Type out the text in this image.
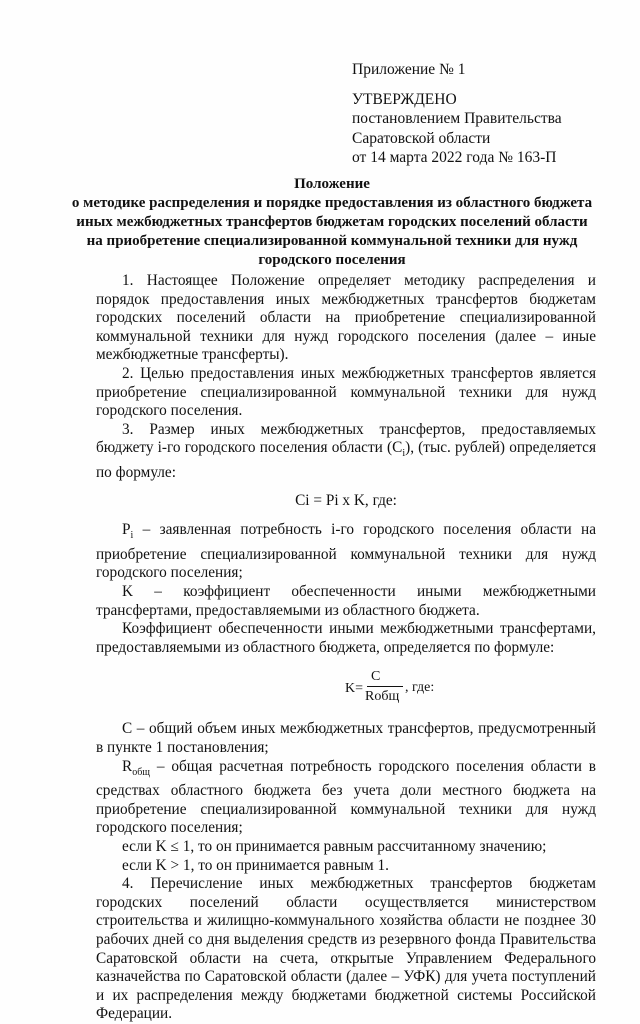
Приложение № 1
УТВЕРЖДЕНО
постановлением Правительства
Саратовской области
от 14 марта 2022 года № 163-П
Положение
о методике распределения и порядке предоставления из областного бюджета иных межбюджетных трансфертов бюджетам городских поселений области на приобретение специализированной коммунальной техники для нужд городского поселения

1. Настоящее Положение определяет методику распределения и порядок предоставления иных межбюджетных трансфертов бюджетам городских поселений области на приобретение специализированной коммунальной техники для нужд городского поселения (далее – иные межбюджетные трансферты).

2. Целью предоставления иных межбюджетных трансфертов является приобретение специализированной коммунальной техники для нужд городского поселения.

3. Размер иных межбюджетных трансфертов, предоставляемых бюджету i-го городского поселения области $(C_i)$, (тыс. рублей) определяется по формуле:

Ci = Pi x K, где:

$P_i$ – заявленная потребность i-го городского поселения области на приобретение специализированной коммунальной техники для нужд городского поселения;

K – коэффициент обеспеченности иными межбюджетными трансфертами, предоставляемыми из областного бюджета.

Коэффициент обеспеченности иными межбюджетными трансфертами, предоставляемыми из областного бюджета, определяется по формуле:

K=
C
Rобщ
, где:

С – общий объем иных межбюджетных трансфертов, предусмотренный в пункте 1 постановления;

$R_{общ}$ – общая расчетная потребность городского поселения области в средствах областного бюджета без учета доли местного бюджета на приобретение специализированной коммунальной техники для нужд городского поселения;

если K ≤ 1, то он принимается равным рассчитанному значению;

если K > 1, то он принимается равным 1.

4. Перечисление иных межбюджетных трансфертов бюджетам городских поселений области осуществляется министерством строительства и жилищно-коммунального хозяйства области не позднее 30 рабочих дней со дня выделения средств из резервного фонда Правительства Саратовской области на счета, открытые Управлением Федерального казначейства по Саратовской области (далее – УФК) для учета поступлений и их распределения между бюджетами бюджетной системы Российской Федерации.
